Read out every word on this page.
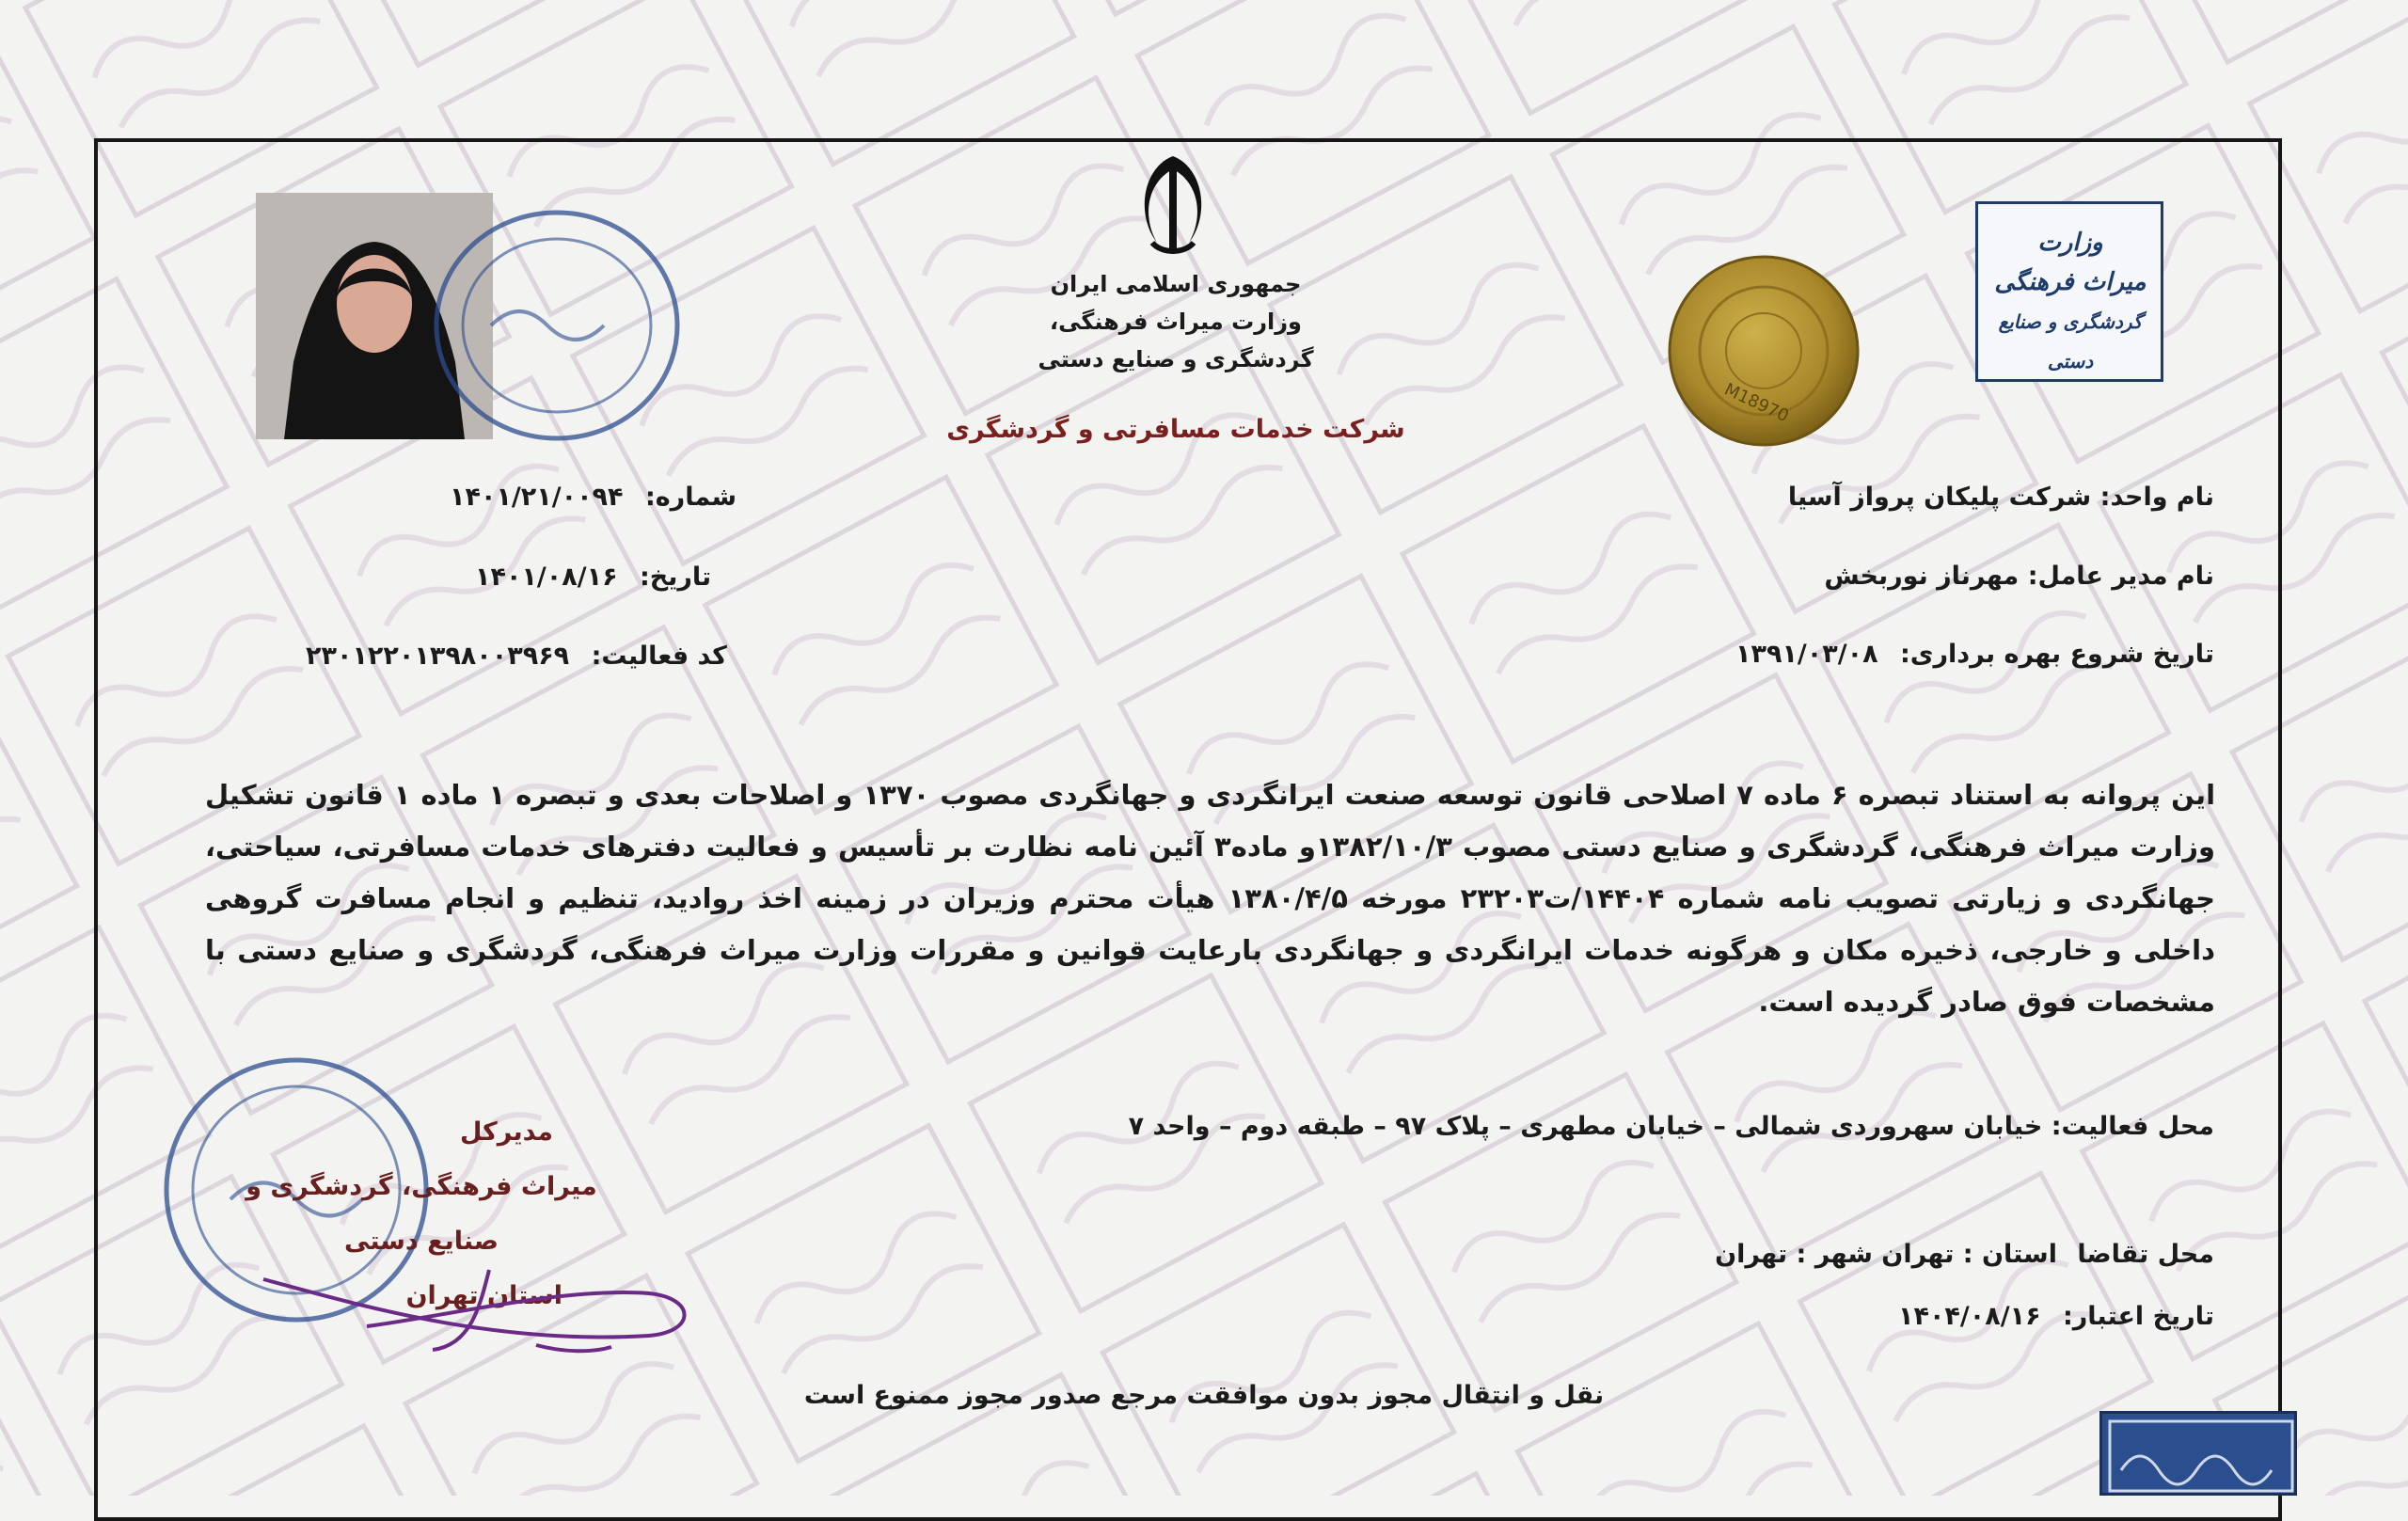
جمهوری اسلامی ایران
وزارت میراث فرهنگی، گردشگری و صنایع دستی
شرکت خدمات مسافرتی و گردشگری
وزارت
میراث فرهنگی
گردشگری و صنایع دستی
M18970
شماره: ۱۴۰۱/۲۱/۰۰۹۴
تاریخ: ۱۴۰۱/۰۸/۱۶
کد فعالیت: ۲۳۰۱۲۲۰۱۳۹۸۰۰۳۹۶۹
نام واحد: شرکت پلیکان پرواز آسیا
نام مدیر عامل: مهرناز نوربخش
تاریخ شروع بهره برداری: ۱۳۹۱/۰۳/۰۸
این پروانه به استناد تبصره ۶ ماده ۷ اصلاحی قانون توسعه صنعت ایرانگردی و جهانگردی مصوب ۱۳۷۰ و اصلاحات بعدی و تبصره ۱ ماده ۱ قانون تشکیل وزارت میراث فرهنگی، گردشگری و صنایع دستی مصوب ۱۳۸۲/۱۰/۳و ماده۳ آئین نامه نظارت بر تأسیس و فعالیت دفترهای خدمات مسافرتی، سیاحتی، جهانگردی و زیارتی تصویب نامه شماره ۱۴۴۰۴/ت۲۳۲۰۳ مورخه ۱۳۸۰/۴/۵ هیأت محترم وزیران در زمینه اخذ روادید، تنظیم و انجام مسافرت گروهی داخلی و خارجی، ذخیره مکان و هرگونه خدمات ایرانگردی و جهانگردی بارعایت قوانین و مقررات وزارت میراث فرهنگی، گردشگری و صنایع دستی با مشخصات فوق صادر گردیده است.
محل فعالیت: خیابان سهروردی شمالی – خیابان مطهری – پلاک ۹۷ – طبقه دوم – واحد ۷
محل تقاضا استان : تهران شهر : تهران
تاریخ اعتبار: ۱۴۰۴/۰۸/۱۶
مدیرکل
میراث فرهنگی، گردشگری و صنایع دستی
استان تهران
نقل و انتقال مجوز بدون موافقت مرجع صدور مجوز ممنوع است
